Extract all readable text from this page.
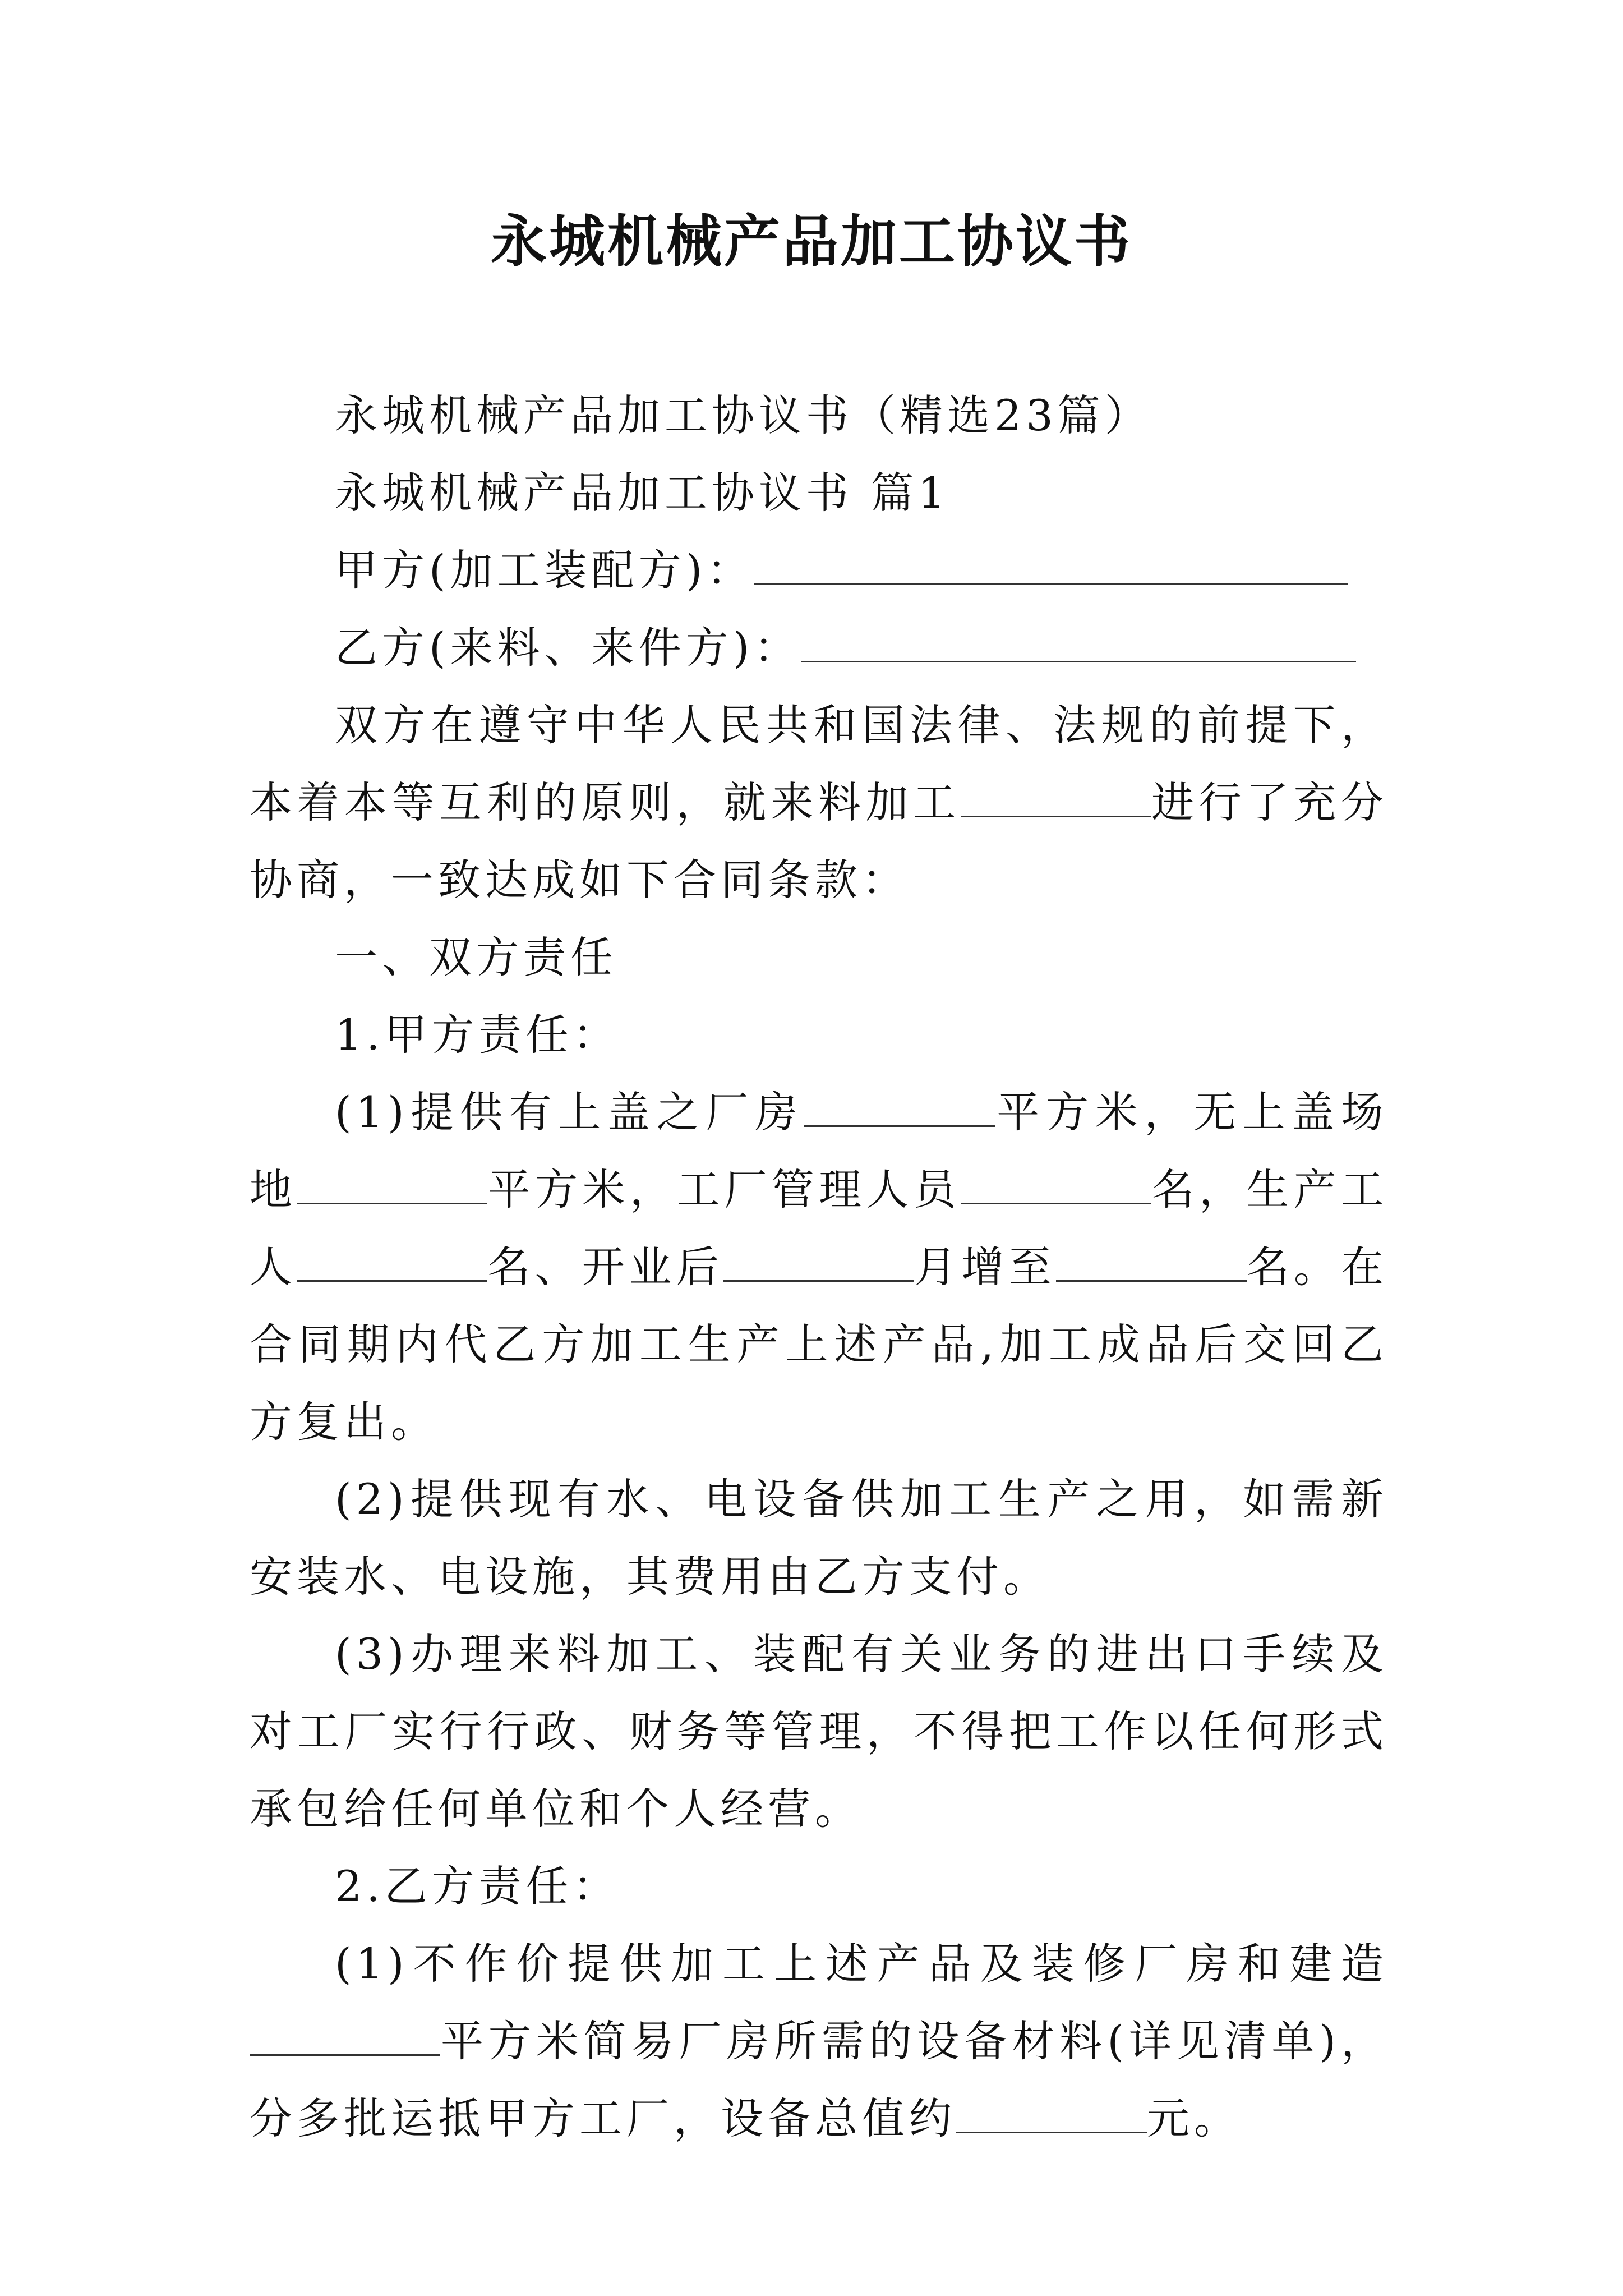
永城机械产品加工协议书

永城机械产品加工协议书（精选23篇）

永城机械产品加工协议书 篇1

甲方(加工装配方)：

乙方(来料、来件方)：

双方在遵守中华人民共和国法律、法规的前提下，本着本等互利的原则，就来料加工	进行了充分协商，一致达成如下合同条款：

一、双方责任

1.甲方责任：

(1)提供有上盖之厂房	平方米，无上盖场地	平方米，工厂管理人员	名，生产工人	名、开业后	月增至	名。在合同期内代乙方加工生产上述产品,加工成品后交回乙方复出。

(2)提供现有水、电设备供加工生产之用，如需新安装水、电设施，其费用由乙方支付。

(3)办理来料加工、装配有关业务的进出口手续及对工厂实行行政、财务等管理，不得把工作以任何形式承包给任何单位和个人经营。

2.乙方责任：

(1)不作价提供加工上述产品及装修厂房和建造平方米简易厂房所需的设备材料(详见清单)，分多批运抵甲方工厂，设备总值约	元。
